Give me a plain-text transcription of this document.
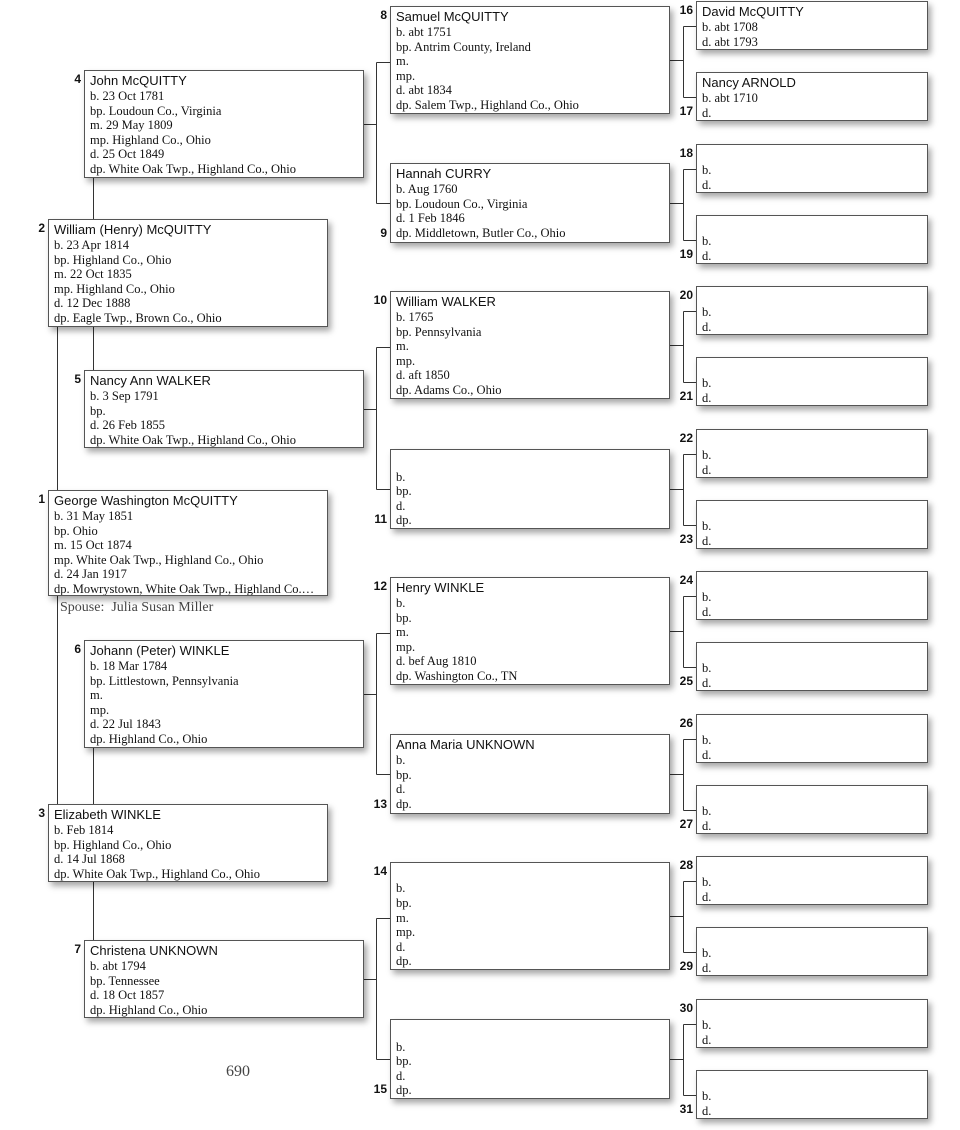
George Washington McQUITTY
b. 31 May 1851
bp. Ohio
m. 15 Oct 1874
mp. White Oak Twp., Highland Co., Ohio
d. 24 Jan 1917
dp. Mowrystown, White Oak Twp., Highland Co.…
1
William (Henry) McQUITTY
b. 23 Apr 1814
bp. Highland Co., Ohio
m. 22 Oct 1835
mp. Highland Co., Ohio
d. 12 Dec 1888
dp. Eagle Twp., Brown Co., Ohio
2
Elizabeth WINKLE
b. Feb 1814
bp. Highland Co., Ohio
d. 14 Jul 1868
dp. White Oak Twp., Highland Co., Ohio
3
John McQUITTY
b. 23 Oct 1781
bp. Loudoun Co., Virginia
m. 29 May 1809
mp. Highland Co., Ohio
d. 25 Oct 1849
dp. White Oak Twp., Highland Co., Ohio
4
Nancy Ann WALKER
b. 3 Sep 1791
bp.
d. 26 Feb 1855
dp. White Oak Twp., Highland Co., Ohio
5
Johann (Peter) WINKLE
b. 18 Mar 1784
bp. Littlestown, Pennsylvania
m.
mp.
d. 22 Jul 1843
dp. Highland Co., Ohio
6
Christena UNKNOWN
b. abt 1794
bp. Tennessee
d. 18 Oct 1857
dp. Highland Co., Ohio
7
Samuel McQUITTY
b. abt 1751
bp. Antrim County, Ireland
m.
mp.
d. abt 1834
dp. Salem Twp., Highland Co., Ohio
8
Hannah CURRY
b. Aug 1760
bp. Loudoun Co., Virginia
d. 1 Feb 1846
dp. Middletown, Butler Co., Ohio
9
William WALKER
b. 1765
bp. Pennsylvania
m.
mp.
d. aft 1850
dp. Adams Co., Ohio
10
b.
bp.
d.
dp.
11
Henry WINKLE
b.
bp.
m.
mp.
d. bef Aug 1810
dp. Washington Co., TN
12
Anna Maria UNKNOWN
b.
bp.
d.
dp.
13
b.
bp.
m.
mp.
d.
dp.
14
b.
bp.
d.
dp.
15
David McQUITTY
b. abt 1708
d. abt 1793
16
Nancy ARNOLD
b. abt 1710
d.
17
b.
d.
18
b.
d.
19
b.
d.
20
b.
d.
21
b.
d.
22
b.
d.
23
b.
d.
24
b.
d.
25
b.
d.
26
b.
d.
27
b.
d.
28
b.
d.
29
b.
d.
30
b.
d.
31
Spouse: Julia Susan Miller
690
